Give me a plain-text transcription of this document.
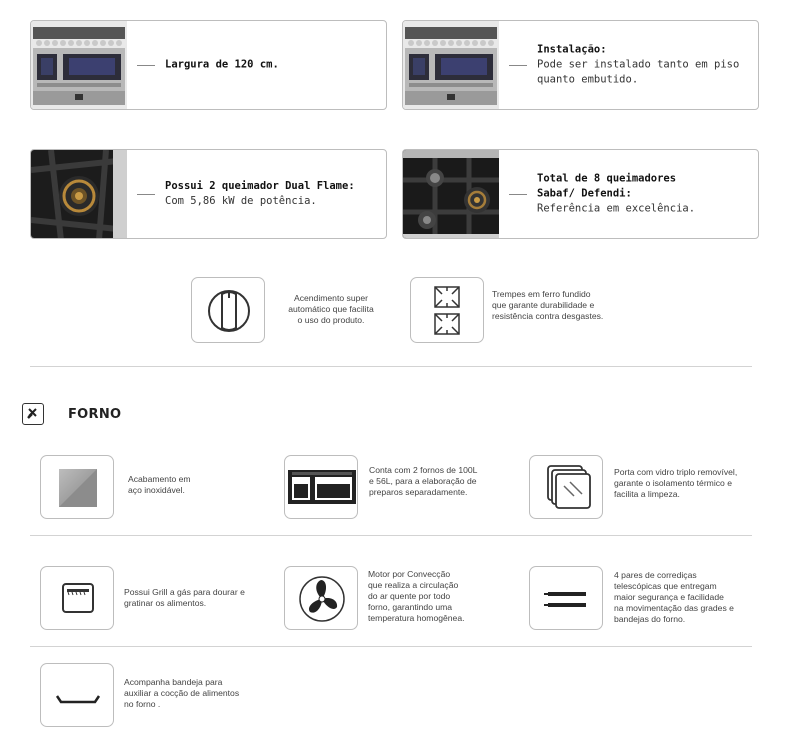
Largura de 120 cm.
Instalação:
Pode ser instalado tanto em piso
quanto embutido.
Possui 2 queimador Dual Flame:
Com 5,86 kW de potência.
Total de 8 queimadores
Sabaf/ Defendi:
Referência em excelência.
Acendimento super
automático que facilita
o uso do produto.
Trempes em ferro fundido
que garante durabilidade e
resistência contra desgastes.
FORNO
Acabamento em
aço inoxidável.
Conta com 2 fornos de 100L
e 56L, para a elaboração de
preparos separadamente.
Porta com vidro triplo removível,
garante o isolamento térmico e
facilita a limpeza.
Possui Grill a gás para dourar e
gratinar os alimentos.
Motor por Convecção
que realiza a circulação
do ar quente por todo
forno, garantindo uma
temperatura homogênea.
4 pares de corrediças
telescópicas que entregam
maior segurança e facilidade
na movimentação das grades e
bandejas do forno.
Acompanha bandeja para
auxiliar a cocção de alimentos
no forno .
